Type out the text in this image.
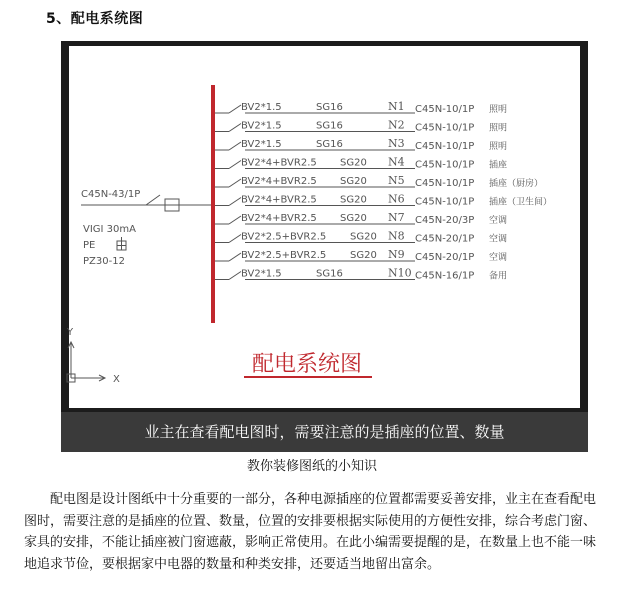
5、配电系统图
C45N-43/1P
VIGI 30mA
PE
PZ30-12
BV2*1.5	SG16	N1 C45N-10/1P 照明
BV2*1.5	SG16	N2 C45N-10/1P 照明
BV2*1.5	SG16	N3 C45N-10/1P 照明
BV2*4+BVR2.5 SG20 N4 C45N-10/1P 插座
BV2*4+BVR2.5 SG20 N5 C45N-10/1P 插座（厨房）
BV2*4+BVR2.5 SG20 N6 C45N-10/1P 插座（卫生间）
BV2*4+BVR2.5 SG20 N7 C45N-20/3P 空调
BV2*2.5+BVR2.5 SG20 N8 C45N-20/1P 空调
BV2*2.5+BVR2.5 SG20 N9 C45N-20/1P 空调
BV2*1.5	SG16	N10 C45N-16/1P 备用
Y
X
配电系统图
业主在查看配电图时，需要注意的是插座的位置、数量
教你装修图纸的小知识

配电图是设计图纸中十分重要的一部分，各种电源插座的位置都需要妥善安排，业主在查看配电图时，需要注意的是插座的位置、数量，位置的安排要根据实际使用的方便性安排，综合考虑门窗、家具的安排，不能让插座被门窗遮蔽，影响正常使用。在此小编需要提醒的是，在数量上也不能一味地追求节俭，要根据家中电器的数量和种类安排，还要适当地留出富余。
